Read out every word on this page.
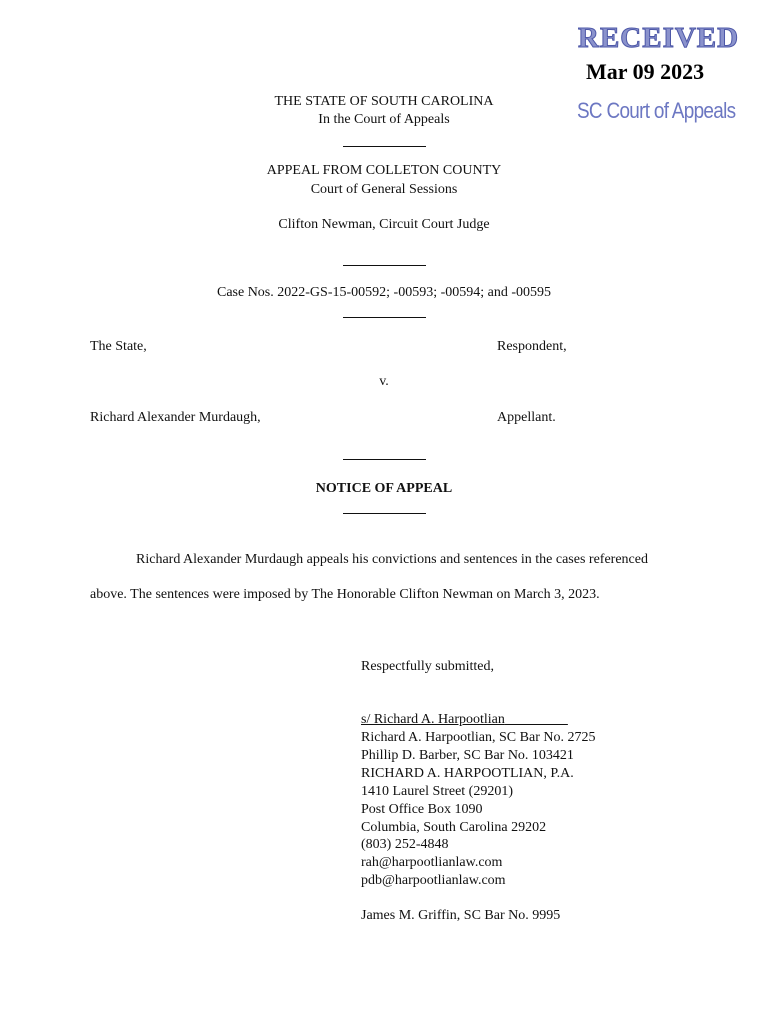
RECEIVED
Mar 09 2023
SC Court of Appeals
THE STATE OF SOUTH CAROLINA
In the Court of Appeals
APPEAL FROM COLLETON COUNTY
Court of General Sessions
Clifton Newman, Circuit Court Judge
Case Nos. 2022-GS-15-00592; -00593; -00594; and -00595
The State,	Respondent,
v.
Richard Alexander Murdaugh,	Appellant.
NOTICE OF APPEAL
Richard Alexander Murdaugh appeals his convictions and sentences in the cases referenced
above. The sentences were imposed by The Honorable Clifton Newman on March 3, 2023.
Respectfully submitted,
s/ Richard A. Harpootlian
Richard A. Harpootlian, SC Bar No. 2725
Phillip D. Barber, SC Bar No. 103421
RICHARD A. HARPOOTLIAN, P.A.
1410 Laurel Street (29201)
Post Office Box 1090
Columbia, South Carolina 29202
(803) 252-4848
rah@harpootlianlaw.com
pdb@harpootlianlaw.com
James M. Griffin, SC Bar No. 9995
